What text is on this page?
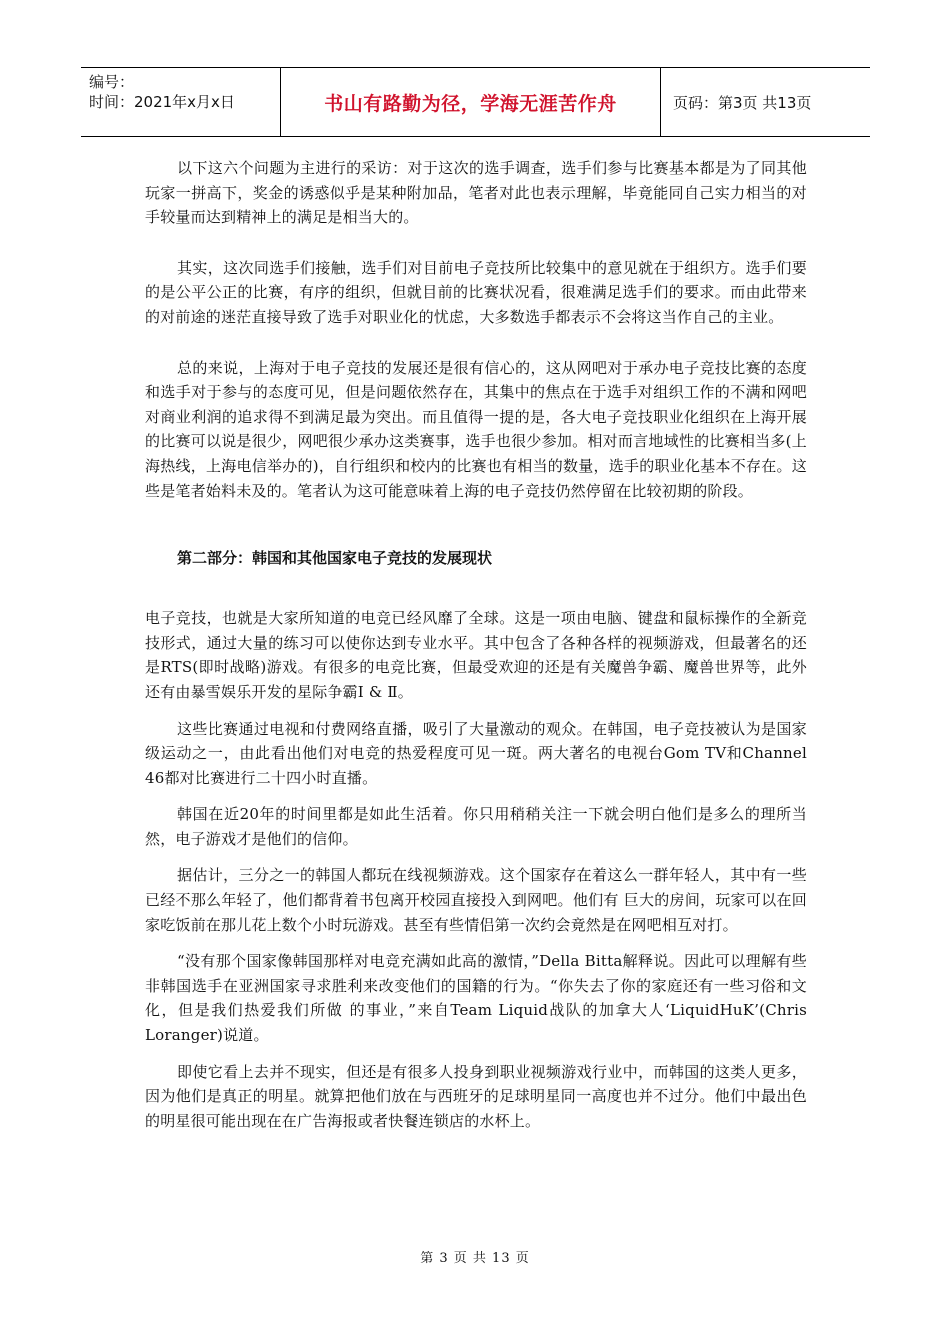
编号：
时间：2021年x月x日	书山有路勤为径，学海无涯苦作舟	页码：第3页 共13页

以下这六个问题为主进行的采访：对于这次的选手调查，选手们参与比赛基本都是为了同其他玩家一拼高下，奖金的诱惑似乎是某种附加品，笔者对此也表示理解，毕竟能同自己实力相当的对手较量而达到精神上的满足是相当大的。

其实，这次同选手们接触，选手们对目前电子竞技所比较集中的意见就在于组织方。选手们要的是公平公正的比赛，有序的组织，但就目前的比赛状况看，很难满足选手们的要求。而由此带来的对前途的迷茫直接导致了选手对职业化的忧虑，大多数选手都表示不会将这当作自己的主业。

总的来说，上海对于电子竞技的发展还是很有信心的，这从网吧对于承办电子竞技比赛的态度和选手对于参与的态度可见，但是问题依然存在，其集中的焦点在于选手对组织工作的不满和网吧对商业利润的追求得不到满足最为突出。而且值得一提的是，各大电子竞技职业化组织在上海开展的比赛可以说是很少，网吧很少承办这类赛事，选手也很少参加。相对而言地域性的比赛相当多(上海热线，上海电信举办的)，自行组织和校内的比赛也有相当的数量，选手的职业化基本不存在。这些是笔者始料未及的。笔者认为这可能意味着上海的电子竞技仍然停留在比较初期的阶段。

第二部分：韩国和其他国家电子竞技的发展现状

电子竞技，也就是大家所知道的电竞已经风靡了全球。这是一项由电脑、键盘和鼠标操作的全新竞技形式，通过大量的练习可以使你达到专业水平。其中包含了各种各样的视频游戏，但最著名的还是RTS(即时战略)游戏。有很多的电竞比赛，但最受欢迎的还是有关魔兽争霸、魔兽世界等，此外还有由暴雪娱乐开发的星际争霸Ⅰ & Ⅱ。

这些比赛通过电视和付费网络直播，吸引了大量激动的观众。在韩国，电子竞技被认为是国家级运动之一，由此看出他们对电竞的热爱程度可见一斑。两大著名的电视台Gom TV和Channel 46都对比赛进行二十四小时直播。

韩国在近20年的时间里都是如此生活着。你只用稍稍关注一下就会明白他们是多么的理所当然，电子游戏才是他们的信仰。

据估计，三分之一的韩国人都玩在线视频游戏。这个国家存在着这么一群年轻人，其中有一些已经不那么年轻了，他们都背着书包离开校园直接投入到网吧。他们有 巨大的房间，玩家可以在回家吃饭前在那儿花上数个小时玩游戏。甚至有些情侣第一次约会竟然是在网吧相互对打。

“没有那个国家像韩国那样对电竞充满如此高的激情，”Della Bitta解释说。因此可以理解有些非韩国选手在亚洲国家寻求胜利来改变他们的国籍的行为。“你失去了你的家庭还有一些习俗和文化，但是我们热爱我们所做 的事业，”来自Team Liquid战队的加拿大人‘LiquidHuK’(Chris Loranger)说道。

即使它看上去并不现实，但还是有很多人投身到职业视频游戏行业中，而韩国的这类人更多，因为他们是真正的明星。就算把他们放在与西班牙的足球明星同一高度也并不过分。他们中最出色的明星很可能出现在在广告海报或者快餐连锁店的水杯上。

第 3 页 共 13 页
